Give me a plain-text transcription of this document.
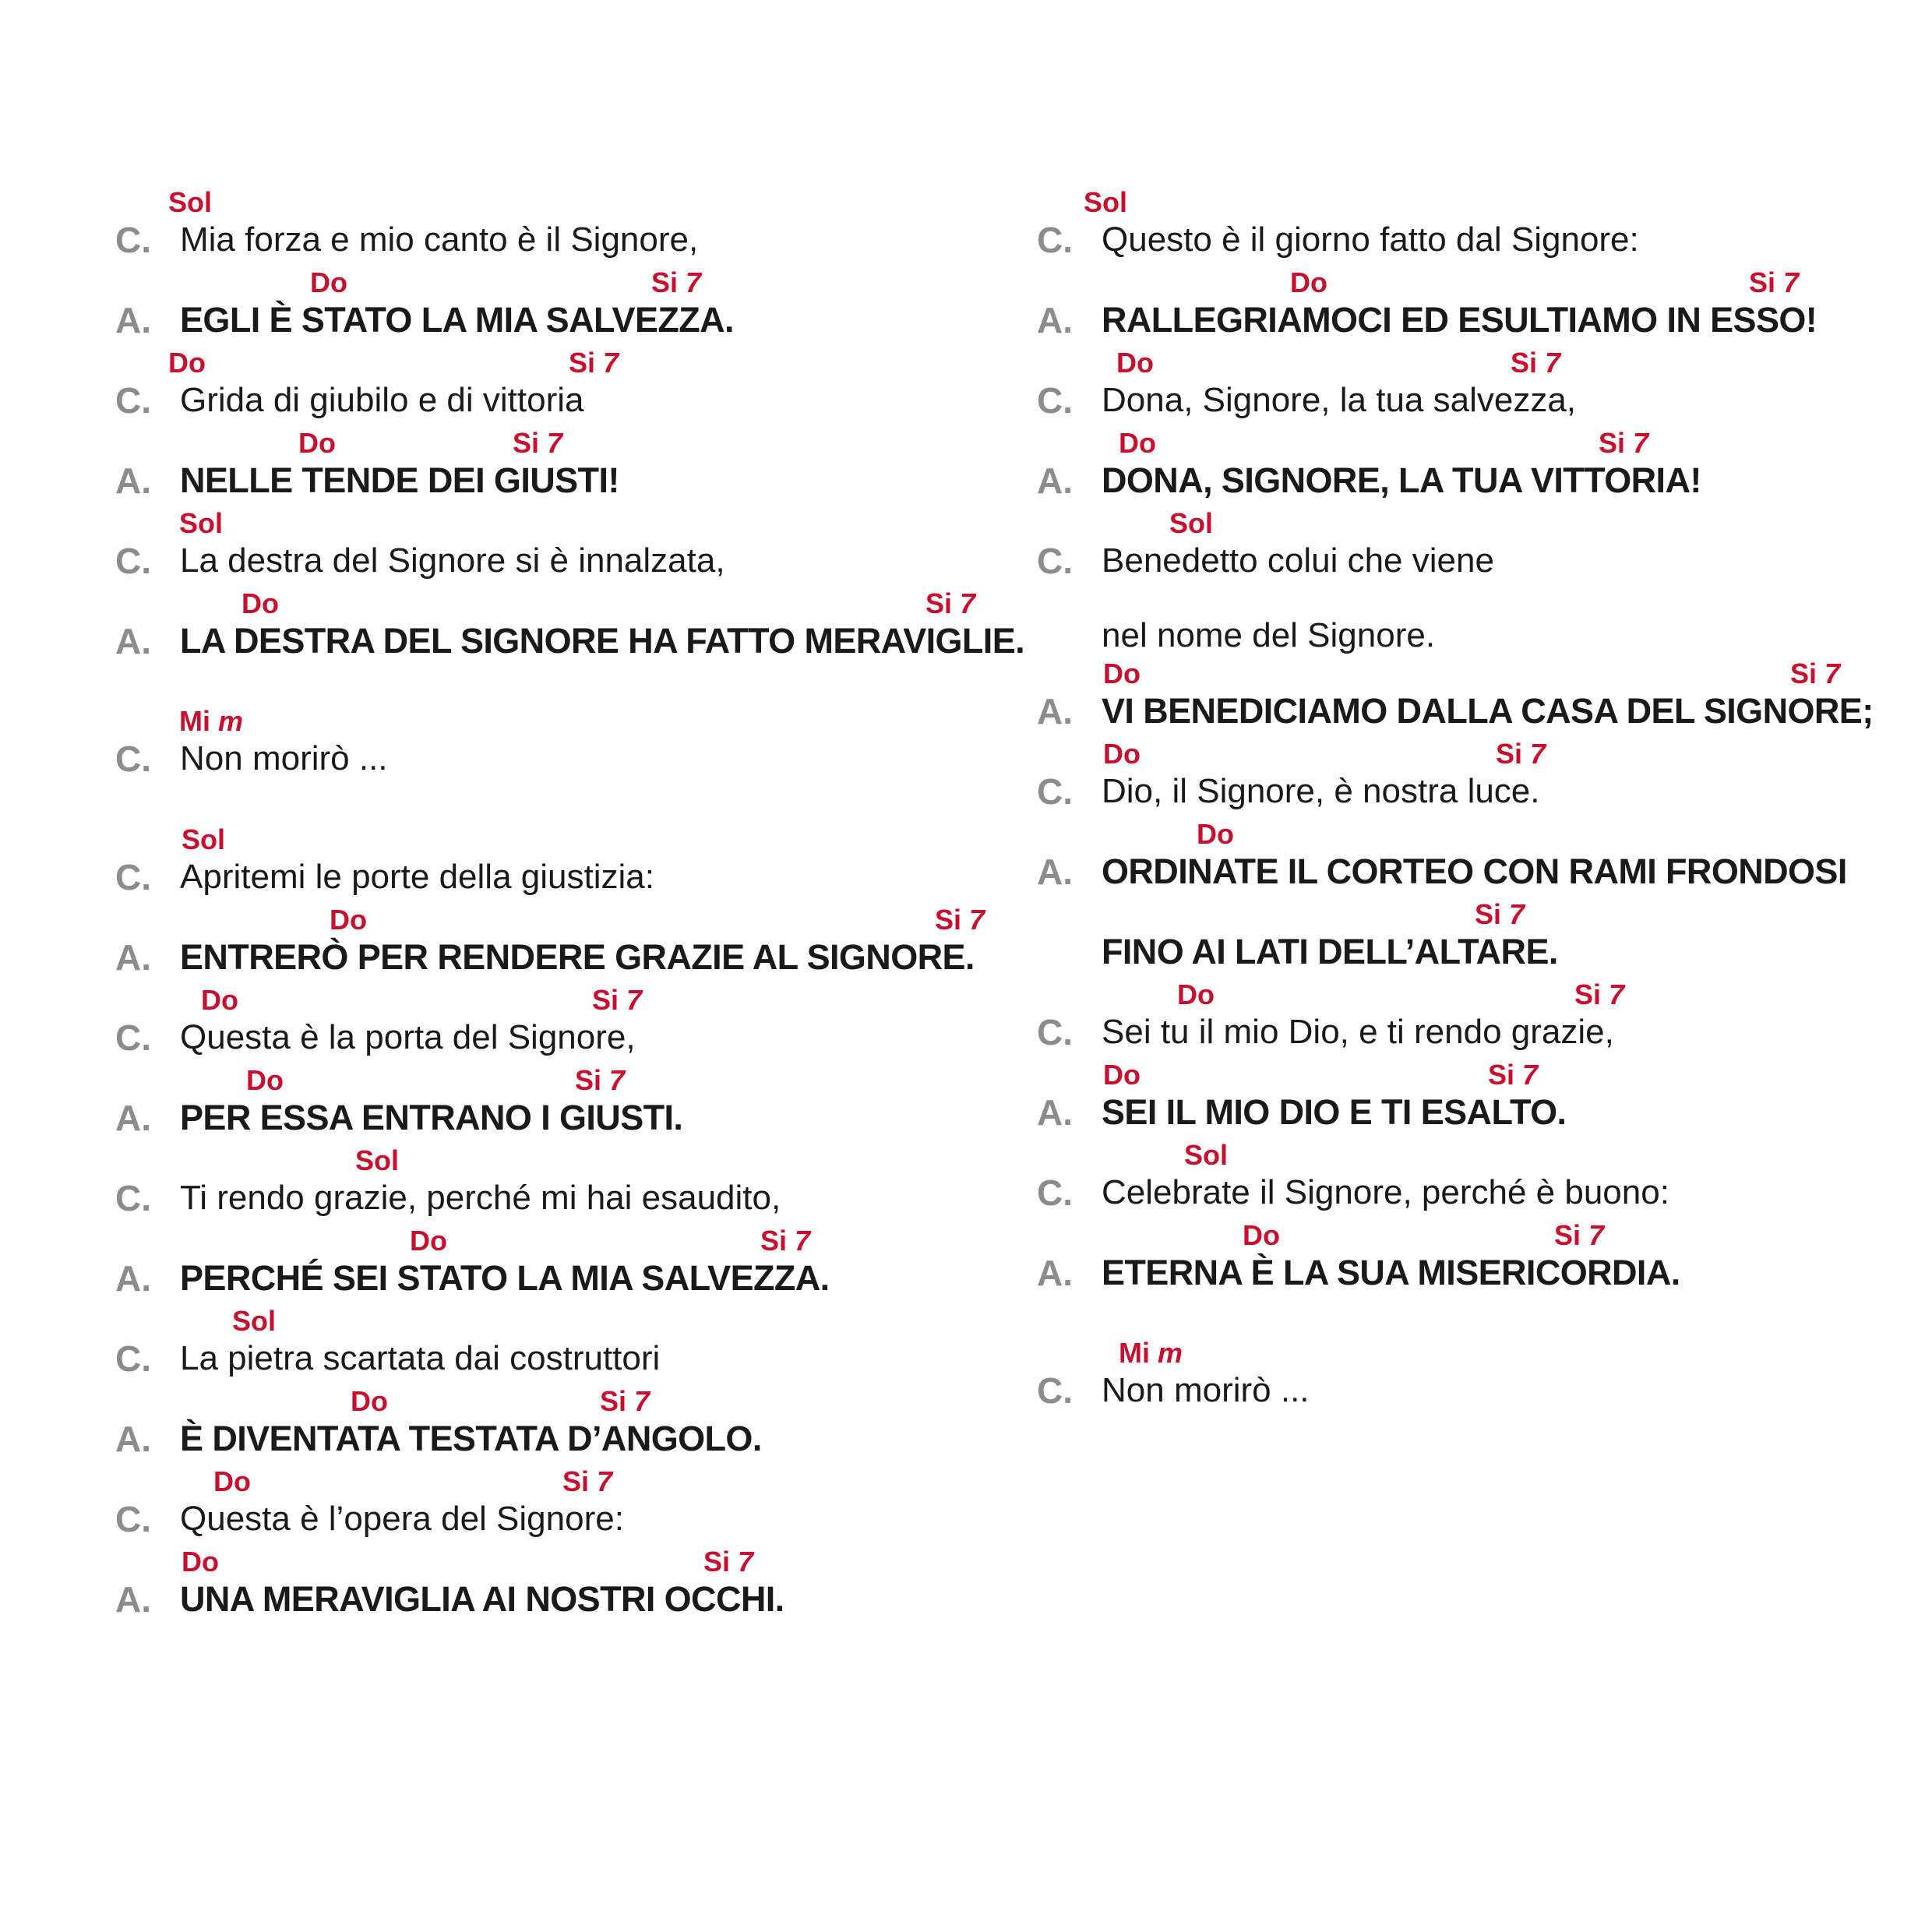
Sol
C. Mia forza e mio canto è il Signore,
Do	Si 7
A. EGLI È STATO LA MIA SALVEZZA.
Do	Si 7
C. Grida di giubilo e di vittoria
Do	Si 7
A. NELLE TENDE DEI GIUSTI!
Sol
C. La destra del Signore si è innalzata,
Do	Si 7
A. LA DESTRA DEL SIGNORE HA FATTO MERAVIGLIE.
Mi m
C. Non morirò ...
Sol
C. Apritemi le porte della giustizia:
Do	Si 7
A. ENTRERÒ PER RENDERE GRAZIE AL SIGNORE.
Do	Si 7
C. Questa è la porta del Signore,
Do	Si 7
A. PER ESSA ENTRANO I GIUSTI.
Sol
C. Ti rendo grazie, perché mi hai esaudito,
Do	Si 7
A. PERCHÉ SEI STATO LA MIA SALVEZZA.
Sol
C. La pietra scartata dai costruttori
Do	Si 7
A. È DIVENTATA TESTATA D’ANGOLO.
Do	Si 7
C. Questa è l’opera del Signore:
Do	Si 7
A. UNA MERAVIGLIA AI NOSTRI OCCHI.
Sol
C. Questo è il giorno fatto dal Signore:
Do	Si 7
A. RALLEGRIAMOCI ED ESULTIAMO IN ESSO!
Do	Si 7
C. Dona, Signore, la tua salvezza,
Do	Si 7
A. DONA, SIGNORE, LA TUA VITTORIA!
Sol
C. Benedetto colui che viene
nel nome del Signore.
Do	Si 7
A. VI BENEDICIAMO DALLA CASA DEL SIGNORE;
Do	Si 7
C. Dio, il Signore, è nostra luce.
Do
A. ORDINATE IL CORTEO CON RAMI FRONDOSI
Si 7
FINO AI LATI DELL’ALTARE.
Do	Si 7
C. Sei tu il mio Dio, e ti rendo grazie,
Do	Si 7
A. SEI IL MIO DIO E TI ESALTO.
Sol
C. Celebrate il Signore, perché è buono:
Do	Si 7
A. ETERNA È LA SUA MISERICORDIA.
Mi m
C. Non morirò ...
